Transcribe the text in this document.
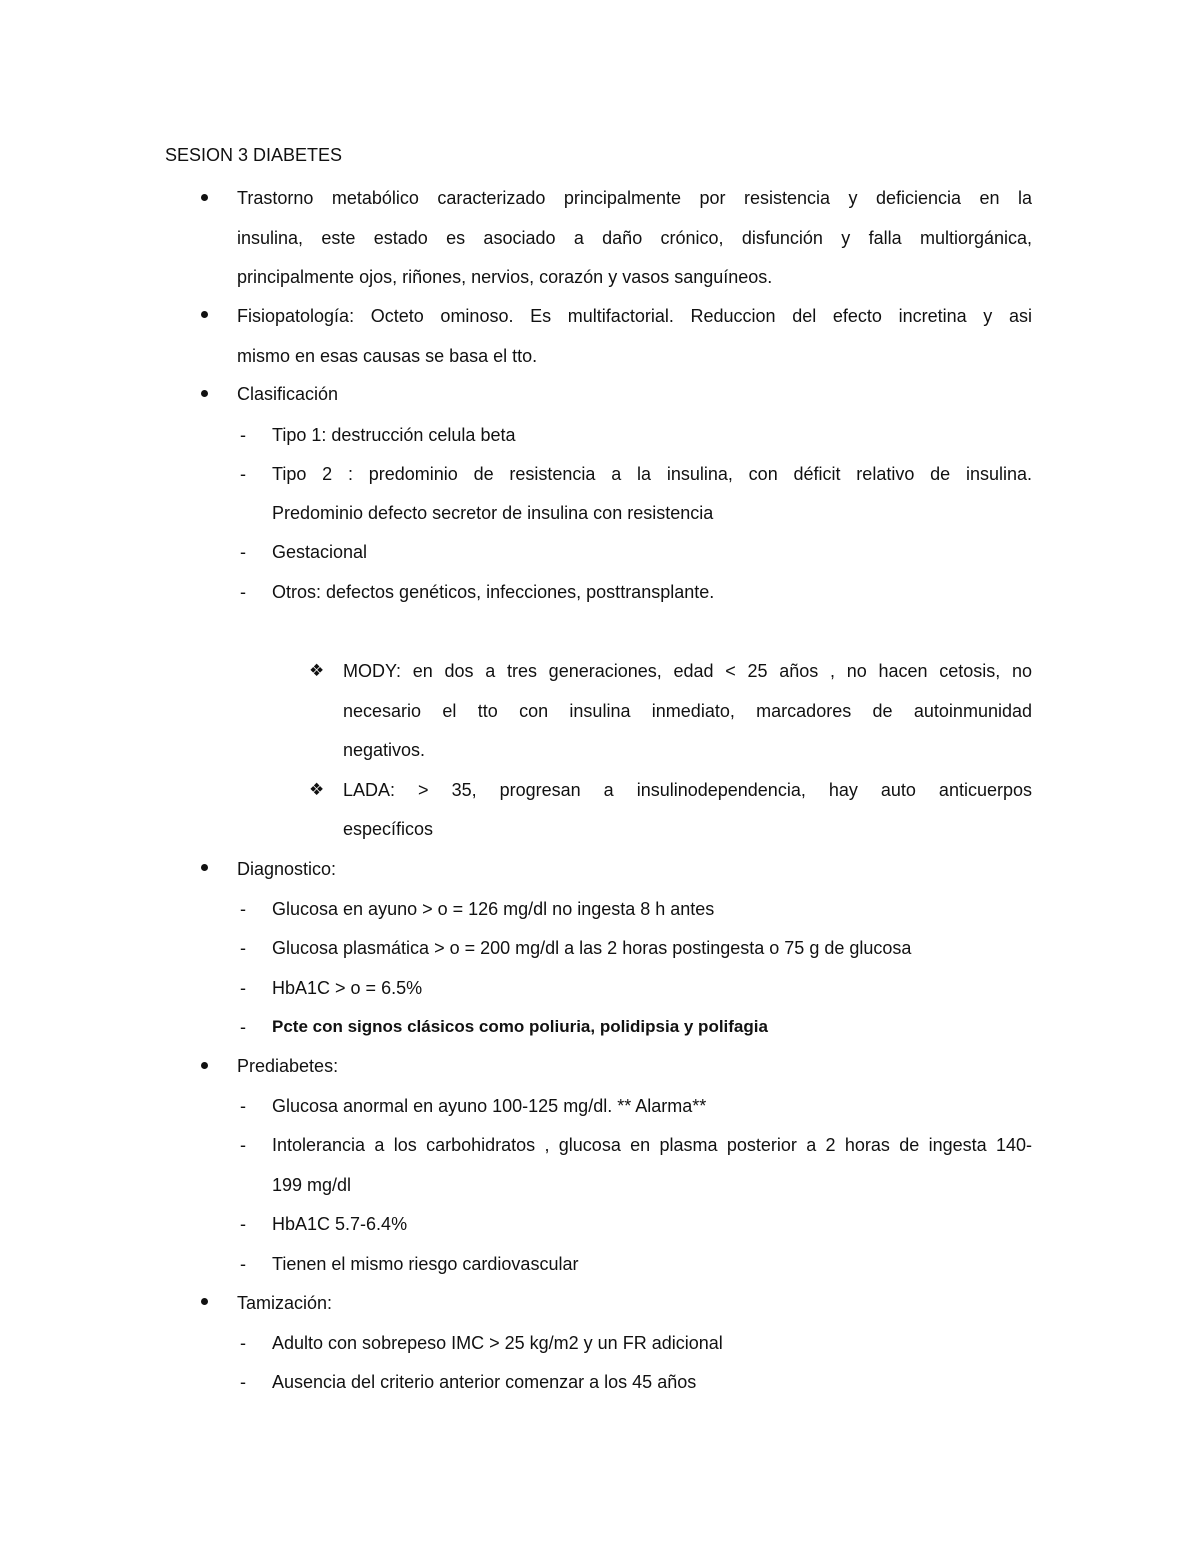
SESION 3 DIABETES
Trastorno metabólico caracterizado principalmente por resistencia y deficiencia en la
insulina, este estado es asociado a daño crónico, disfunción y falla multiorgánica,
principalmente ojos, riñones, nervios, corazón y vasos sanguíneos.
Fisiopatología: Octeto ominoso. Es multifactorial. Reduccion del efecto incretina y asi
mismo en esas causas se basa el tto.
Clasificación
- Tipo 1: destrucción celula beta
- Tipo 2 : predominio de resistencia a la insulina, con déficit relativo de insulina.
Predominio defecto secretor de insulina con resistencia
- Gestacional
- Otros: defectos genéticos, infecciones, posttransplante.
❖ MODY: en dos a tres generaciones, edad < 25 años , no hacen cetosis, no
necesario el tto con insulina inmediato, marcadores de autoinmunidad
negativos.
❖ LADA: > 35, progresan a insulinodependencia, hay auto anticuerpos
específicos
Diagnostico:
- Glucosa en ayuno > o = 126 mg/dl no ingesta 8 h antes
- Glucosa plasmática > o = 200 mg/dl a las 2 horas postingesta o 75 g de glucosa
- HbA1C > o = 6.5%
- Pcte con signos clásicos como poliuria, polidipsia y polifagia
Prediabetes:
- Glucosa anormal en ayuno 100-125 mg/dl. ** Alarma**
- Intolerancia a los carbohidratos , glucosa en plasma posterior a 2 horas de ingesta 140-
199 mg/dl
- HbA1C 5.7-6.4%
- Tienen el mismo riesgo cardiovascular
Tamización:
- Adulto con sobrepeso IMC > 25 kg/m2 y un FR adicional
- Ausencia del criterio anterior comenzar a los 45 años
